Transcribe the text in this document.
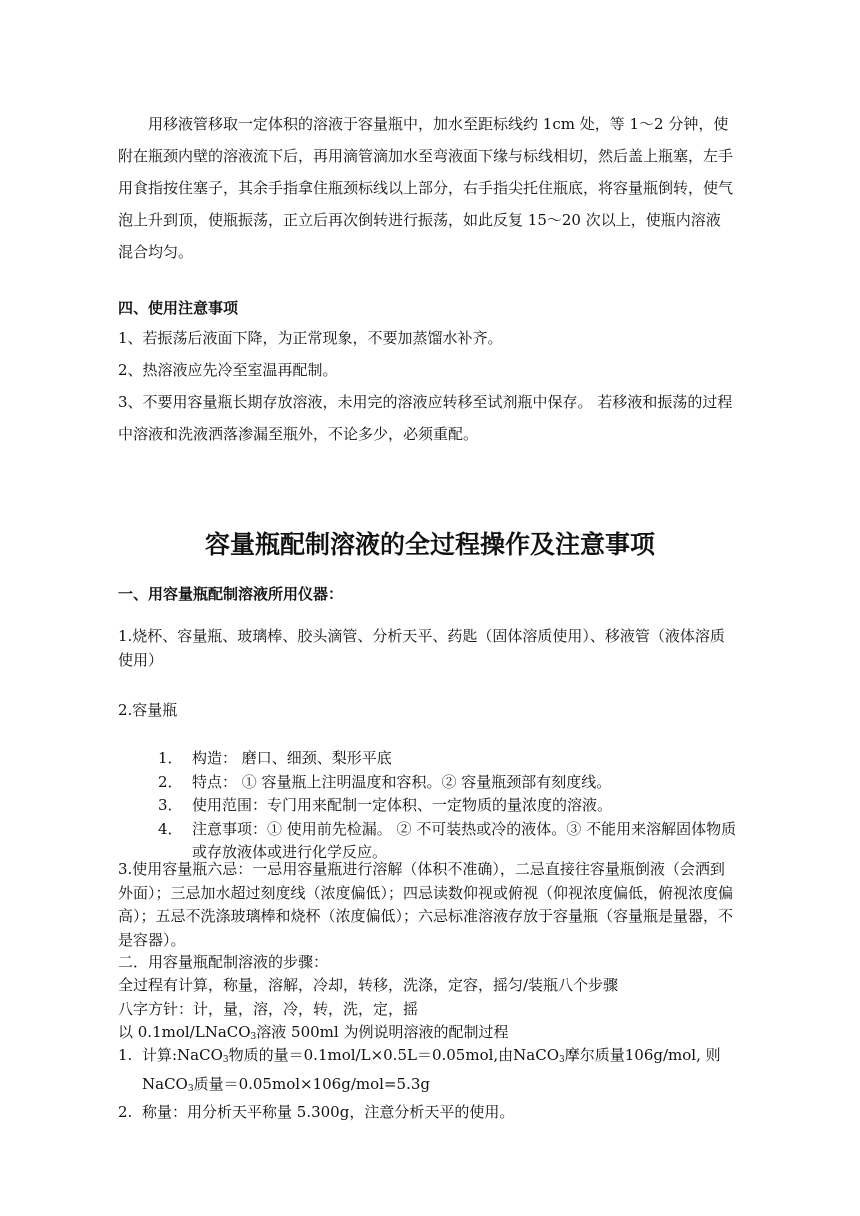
用移液管移取一定体积的溶液于容量瓶中，加水至距标线约 1cm 处，等 1～2 分钟，使附在瓶颈内壁的溶液流下后，再用滴管滴加水至弯液面下缘与标线相切，然后盖上瓶塞，左手用食指按住塞子，其余手指拿住瓶颈标线以上部分，右手指尖托住瓶底，将容量瓶倒转，使气泡上升到顶，使瓶振荡，正立后再次倒转进行振荡，如此反复 15～20 次以上，使瓶内溶液混合均匀。

四、使用注意事项

1、若振荡后液面下降，为正常现象，不要加蒸馏水补齐。

2、热溶液应先冷至室温再配制。

3、不要用容量瓶长期存放溶液，未用完的溶液应转移至试剂瓶中保存。 若移液和振荡的过程中溶液和洗液洒落渗漏至瓶外，不论多少，必须重配。

容量瓶配制溶液的全过程操作及注意事项

一、用容量瓶配制溶液所用仪器：

1.烧杯、容量瓶、玻璃棒、胶头滴管、分析天平、药匙（固体溶质使用）、移液管（液体溶质使用）

2.容量瓶

1． 构造： 磨口、细颈、梨形平底
2． 特点： ① 容量瓶上注明温度和容积。② 容量瓶颈部有刻度线。
3． 使用范围：专门用来配制一定体积、一定物质的量浓度的溶液。
4． 注意事项：① 使用前先检漏。 ② 不可装热或冷的液体。③ 不能用来溶解固体物质或存放液体或进行化学反应。

3.使用容量瓶六忌：一忌用容量瓶进行溶解（体积不准确），二忌直接往容量瓶倒液（会洒到外面）；三忌加水超过刻度线（浓度偏低）；四忌读数仰视或俯视（仰视浓度偏低，俯视浓度偏高）；五忌不洗涤玻璃棒和烧杯（浓度偏低）；六忌标准溶液存放于容量瓶（容量瓶是量器，不是容器）。

二．用容量瓶配制溶液的步骤：

全过程有计算，称量，溶解，冷却，转移，洗涤，定容，摇匀/装瓶八个步骤

八字方针：计，量，溶，冷，转，洗，定，摇

以 0.1mol/LNaCO$_3$溶液 500ml 为例说明溶液的配制过程

1. 计算:NaCO$_3$物质的量＝0.1mol/L×0.5L＝0.05mol,由NaCO$_3$摩尔质量106g/mol, 则NaCO$_3$质量＝0.05mol×106g/mol=5.3g
2. 称量：用分析天平称量 5.300g，注意分析天平的使用。
